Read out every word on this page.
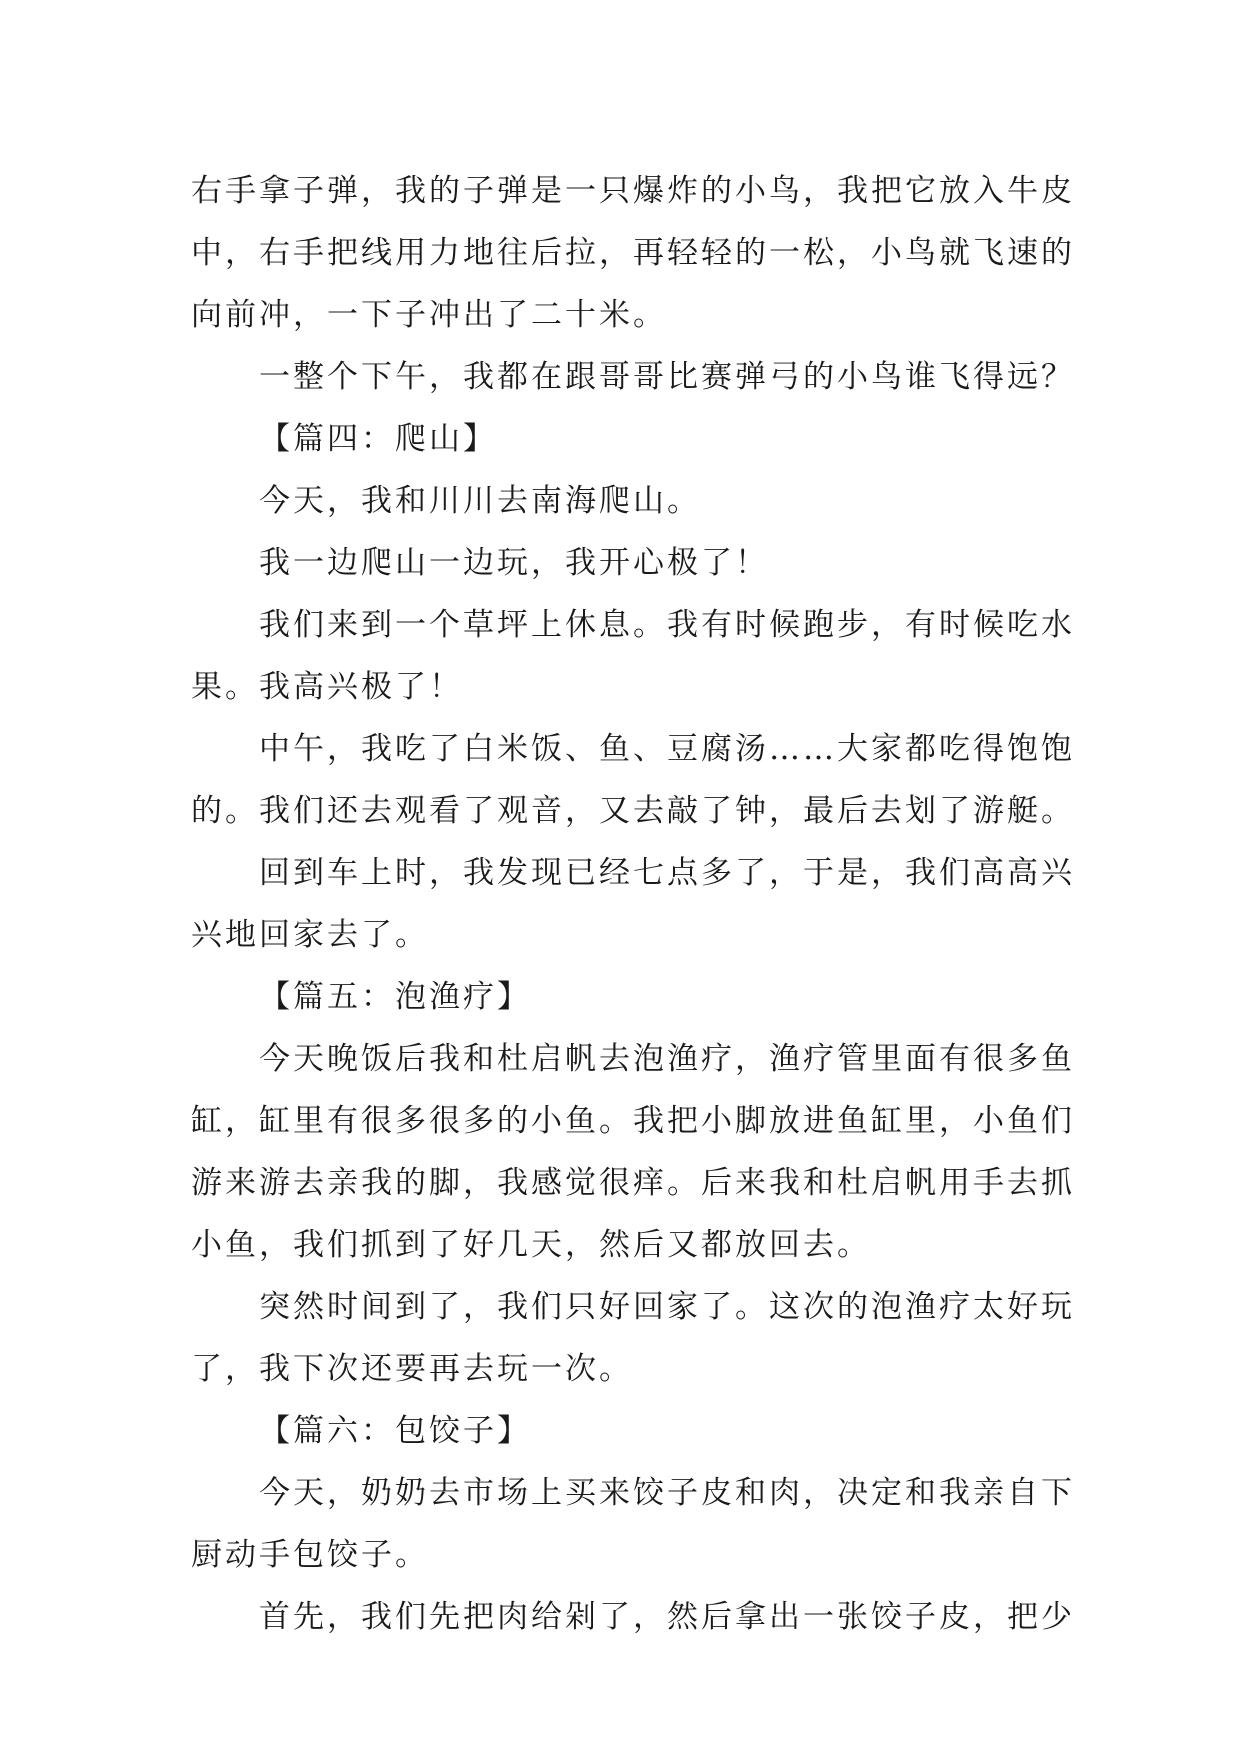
右手拿子弹，我的子弹是一只爆炸的小鸟，我把它放入牛皮
中，右手把线用力地往后拉，再轻轻的一松，小鸟就飞速的
向前冲，一下子冲出了二十米。
一整个下午，我都在跟哥哥比赛弹弓的小鸟谁飞得远？
【篇四：爬山】
今天，我和川川去南海爬山。
我一边爬山一边玩，我开心极了！
我们来到一个草坪上休息。我有时候跑步，有时候吃水
果。我高兴极了！
中午，我吃了白米饭、鱼、豆腐汤……大家都吃得饱饱
的。我们还去观看了观音，又去敲了钟，最后去划了游艇。
回到车上时，我发现已经七点多了，于是，我们高高兴
兴地回家去了。
【篇五：泡渔疗】
今天晚饭后我和杜启帆去泡渔疗，渔疗管里面有很多鱼
缸，缸里有很多很多的小鱼。我把小脚放进鱼缸里，小鱼们
游来游去亲我的脚，我感觉很痒。后来我和杜启帆用手去抓
小鱼，我们抓到了好几天，然后又都放回去。
突然时间到了，我们只好回家了。这次的泡渔疗太好玩
了，我下次还要再去玩一次。
【篇六：包饺子】
今天，奶奶去市场上买来饺子皮和肉，决定和我亲自下
厨动手包饺子。
首先，我们先把肉给剁了，然后拿出一张饺子皮，把少
